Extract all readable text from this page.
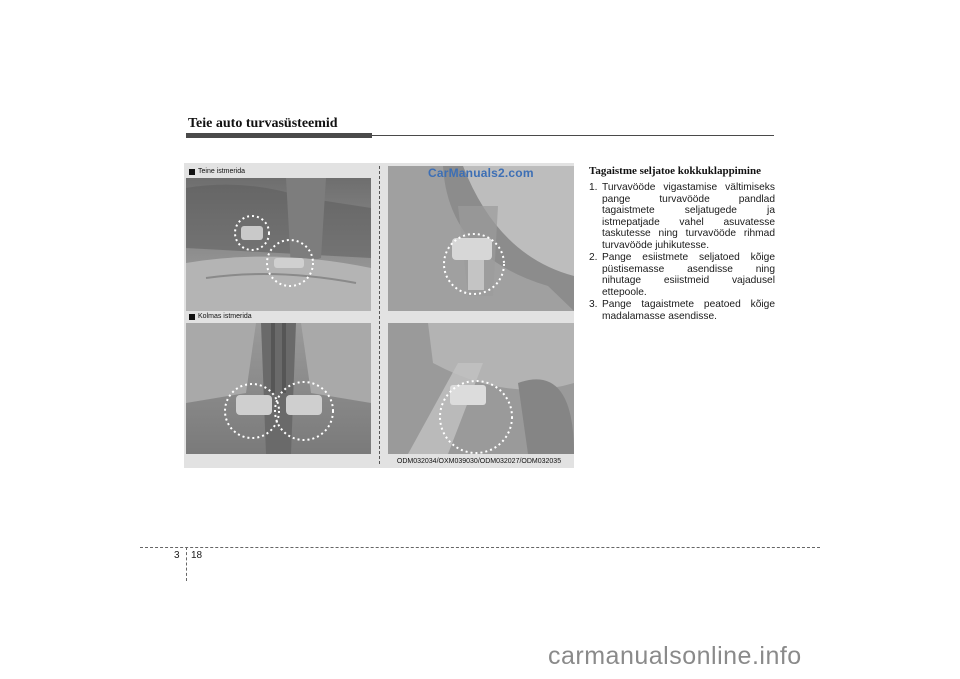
Teie auto turvasüsteemid
Teine istmerida
Kolmas istmerida
CarManuals2.com
ODM032034/OXM039030/ODM032027/ODM032035
Tagaistme seljatoe kokkuklappimine
1. Turvavööde vigastamise vältimiseks pange turvavööde pandlad tagaistmete seljatugede ja istmepatjade vahel asuvatesse taskutesse ning turvavööde rihmad turvavööde juhikutesse.
2. Pange esiistmete seljatoed kõige püstisemasse asendisse ning nihutage esiistmeid vajadusel ettepoole.
3. Pange tagaistmete peatoed kõige madalamasse asendisse.
3 18
carmanualsonline.info
